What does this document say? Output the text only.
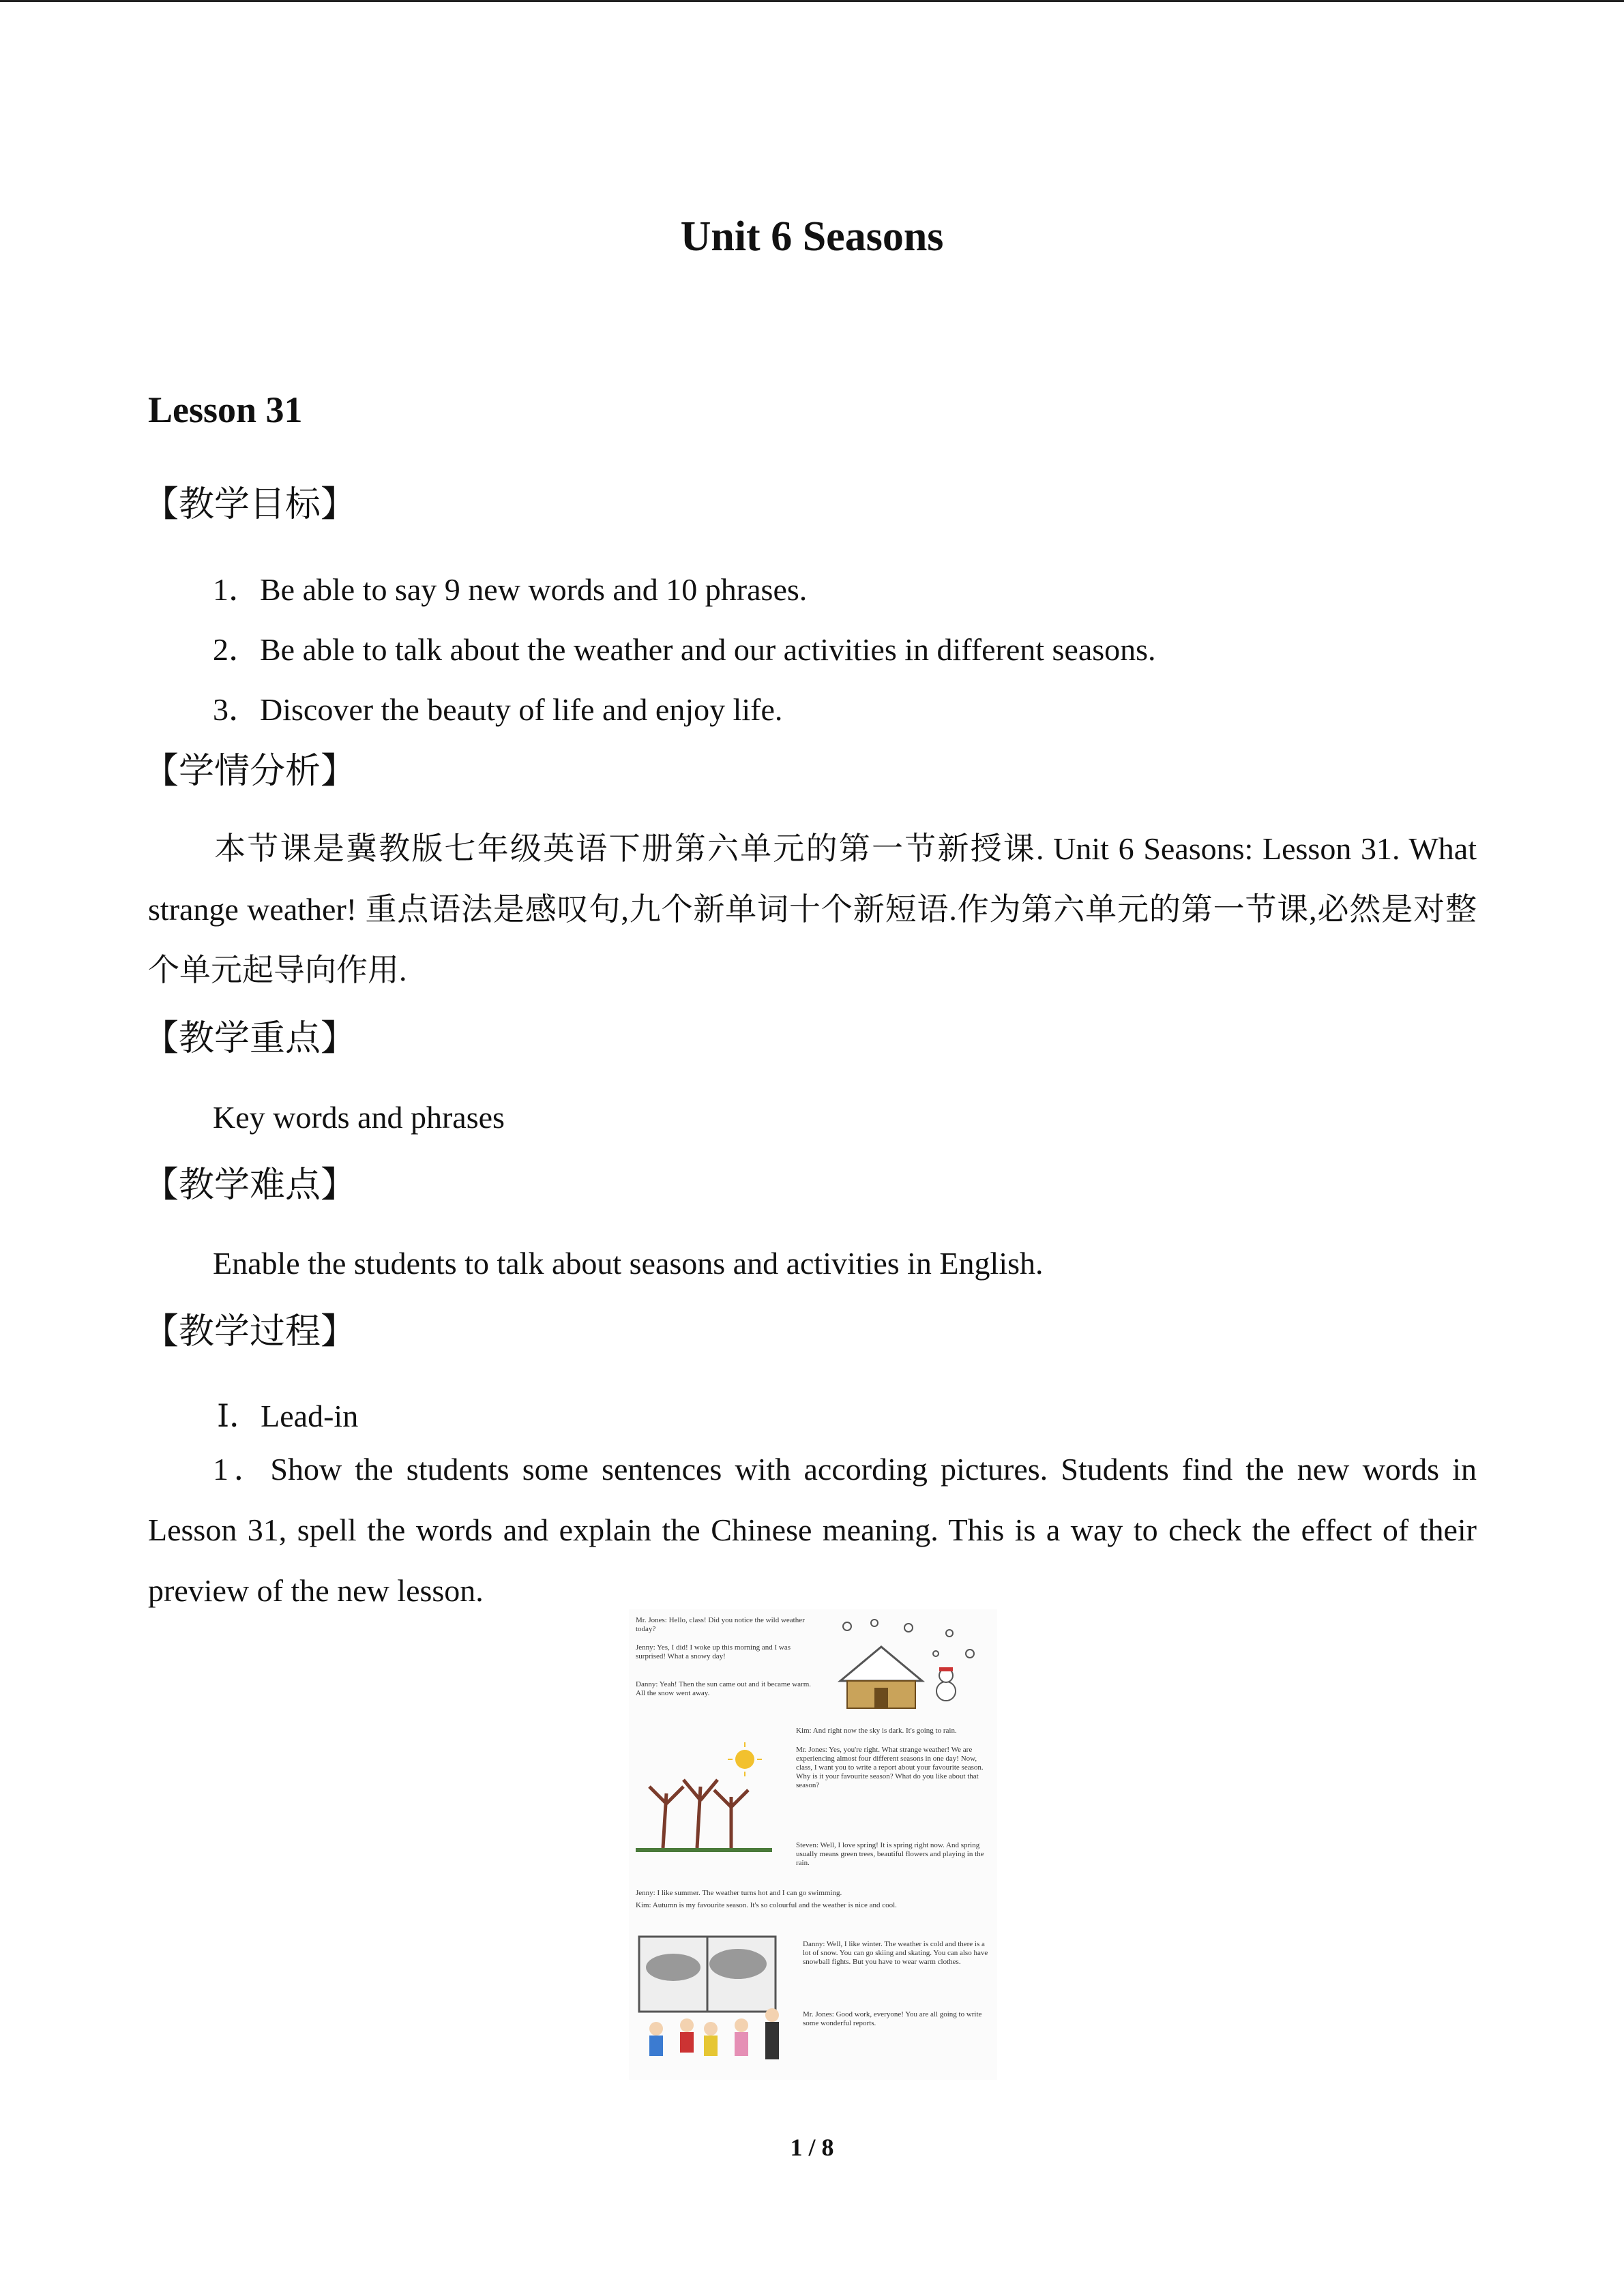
Unit 6 Seasons
Lesson 31
【教学目标】
1．Be able to say 9 new words and 10 phrases.
2．Be able to talk about the weather and our activities in different seasons.
3．Discover the beauty of life and enjoy life.
【学情分析】
本节课是冀教版七年级英语下册第六单元的第一节新授课. Unit 6 Seasons: Lesson 31. What strange weather! 重点语法是感叹句,九个新单词十个新短语.作为第六单元的第一节课,必然是对整个单元起导向作用.
【教学重点】
Key words and phrases
【教学难点】
Enable the students to talk about seasons and activities in English.
【教学过程】
Ⅰ．Lead-in
1．Show the students some sentences with according pictures. Students find the new words in Lesson 31, spell the words and explain the Chinese meaning. This is a way to check the effect of their preview of the new lesson.
Mr. Jones: Hello, class! Did you notice the wild weather today?
Jenny: Yes, I did! I woke up this morning and I was surprised! What a snowy day!
Danny: Yeah! Then the sun came out and it became warm. All the snow went away.
Kim: And right now the sky is dark. It's going to rain.
Mr. Jones: Yes, you're right. What strange weather! We are experiencing almost four different seasons in one day! Now, class, I want you to write a report about your favourite season. Why is it your favourite season? What do you like about that season?
Steven: Well, I love spring! It is spring right now. And spring usually means green trees, beautiful flowers and playing in the rain.
Jenny: I like summer. The weather turns hot and I can go swimming.
Kim: Autumn is my favourite season. It's so colourful and the weather is nice and cool.
Danny: Well, I like winter. The weather is cold and there is a lot of snow. You can go skiing and skating. You can also have snowball fights. But you have to wear warm clothes.
Mr. Jones: Good work, everyone! You are all going to write some wonderful reports.
1 / 8
